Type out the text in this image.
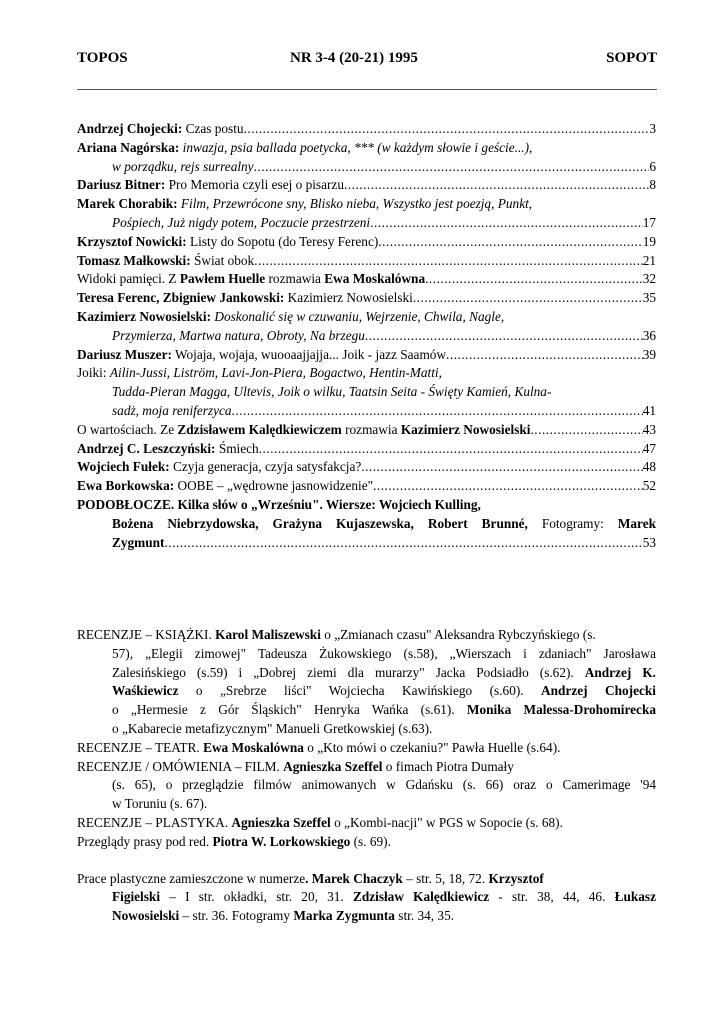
TOPOS	NR 3-4 (20-21) 1995	SOPOT
Andrzej Chojecki: Czas postu .....	3
Ariana Nagórska: inwazja, psia ballada poetycka, *** (w każdym słowie i geście...),
w porządku, rejs surrealny .....	6
Dariusz Bitner: Pro Memoria czyli esej o pisarzu .....	8
Marek Chorabik: Film, Przewrócone sny, Blisko nieba, Wszystko jest poezją, Punkt,
Pośpiech, Już nigdy potem, Poczucie przestrzeni .....	17
Krzysztof Nowicki: Listy do Sopotu (do Teresy Ferenc) .....	19
Tomasz Małkowski: Świat obok .....	21
Widoki pamięci. Z Pawłem Huelle rozmawia Ewa Moskalówna .....	32
Teresa Ferenc, Zbigniew Jankowski: Kazimierz Nowosielski .....	35
Kazimierz Nowosielski: Doskonalić się w czuwaniu, Wejrzenie, Chwila, Nagle,
Przymierza, Martwa natura, Obroty, Na brzegu .....	36
Dariusz Muszer: Wojaja, wojaja, wuooaajjajja... Joik - jazz Saamów .....	39
Joiki: Ailin-Jussi, Liström, Lavi-Jon-Piera, Bogactwo, Hentin-Matti,
Tudda-Pieran Magga, Ultevis, Joik o wilku, Taatsin Seita - Święty Kamień, Kulna-
sadż, moja reniferzyca .....	41
O wartościach. Ze Zdzisławem Kalędkiewiczem rozmawia Kazimierz Nowosielski .....	43
Andrzej C. Leszczyński: Śmiech .....	47
Wojciech Fułek: Czyja generacja, czyja satysfakcja? .....	48
Ewa Borkowska: OOBE – „wędrowne jasnowidzenie" .....	52
PODOBŁOCZE. Kilka słów o „Wrześniu". Wiersze: Wojciech Kulling,
Bożena Niebrzydowska, Grażyna Kujaszewska, Robert Brunné, Fotogramy: Marek
Zygmunt .....	53
RECENZJE – KSIĄŻKI. Karol Maliszewski o „Zmianach czasu" Aleksandra Rybczyńskiego (s.
57), „Elegii zimowej" Tadeusza Żukowskiego (s.58), „Wierszach i zdaniach" Jarosława
Zalesińskiego (s.59) i „Dobrej ziemi dla murarzy" Jacka Podsiadło (s.62). Andrzej K.
Waśkiewicz o „Srebrze liści" Wojciecha Kawińskiego (s.60). Andrzej Chojecki
o „Hermesie z Gór Śląskich" Henryka Wańka (s.61). Monika Malessa-Drohomirecka
o „Kabarecie metafizycznym" Manueli Gretkowskiej (s.63).
RECENZJE – TEATR. Ewa Moskalówna o „Kto mówi o czekaniu?" Pawła Huelle (s.64).
RECENZJE / OMÓWIENIA – FILM. Agnieszka Szeffel o fimach Piotra Dumały
(s. 65), o przeglądzie filmów animowanych w Gdańsku (s. 66) oraz o Camerimage '94
w Toruniu (s. 67).
RECENZJE – PLASTYKA. Agnieszka Szeffel o „Kombi-nacji" w PGS w Sopocie (s. 68).
Przeglądy prasy pod red. Piotra W. Lorkowskiego (s. 69).
Prace plastyczne zamieszczone w numerze. Marek Chaczyk – str. 5, 18, 72. Krzysztof
Figielski – I str. okładki, str. 20, 31. Zdzisław Kalędkiewicz - str. 38, 44, 46. Łukasz
Nowosielski – str. 36. Fotogramy Marka Zygmunta str. 34, 35.
